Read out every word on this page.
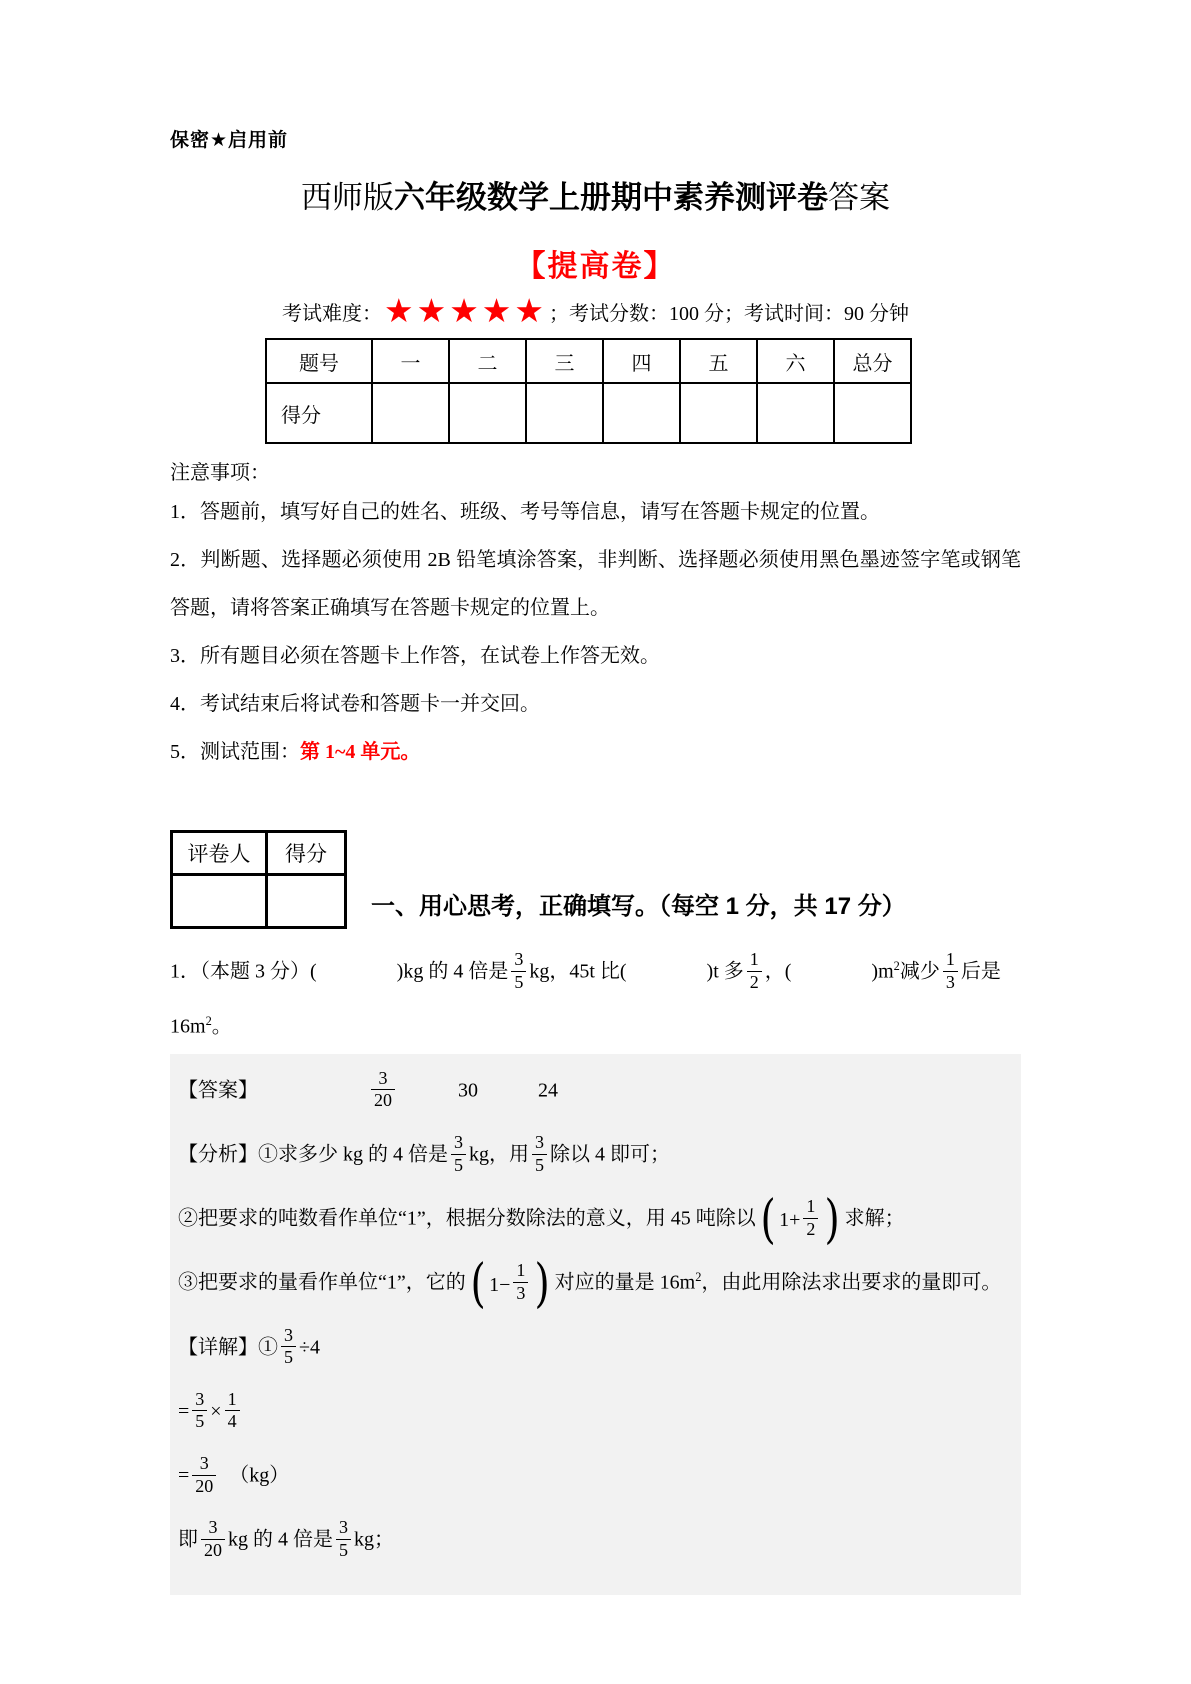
保密★启用前
西师版六年级数学上册期中素养测评卷答案
【提高卷】
考试难度： ★★★★★ ；考试分数：100 分；考试时间：90 分钟
题号	一	二	三	四	五	六	总分
得分							

注意事项：

1．答题前，填写好自己的姓名、班级、考号等信息，请写在答题卡规定的位置。

2．判断题、选择题必须使用 2B 铅笔填涂答案，非判断、选择题必须使用黑色墨迹签字笔或钢笔答题，请将答案正确填写在答题卡规定的位置上。

3．所有题目必须在答题卡上作答，在试卷上作答无效。

4．考试结束后将试卷和答题卡一并交回。

5．测试范围：第 1~4 单元。

评卷人	得分

一、用心思考，正确填写。（每空 1 分，共 17 分）
1．（本题 3 分）(　　　　)kg 的 4 倍是 $\frac{3}{5}$ kg，45t 比(　　　　)t 多 $\frac{1}{2}$ ，(　　　　)$m^2$减少 $\frac{1}{3}$ 后是
$16m^2$。
【答案】　　　　　　 $\frac{3}{20}$ 　　　30　　　24
【分析】①求多少 kg 的 4 倍是 $\frac{3}{5}$ kg，用 $\frac{3}{5}$ 除以 4 即可；
②把要求的吨数看作单位“1”，根据分数除法的意义，用 45 吨除以 ( $1+ \frac{1}{2}$ ) 求解；
③把要求的量看作单位“1”，它的 ( $1- \frac{1}{3}$ ) 对应的量是 $16m^2$，由此用除法求出要求的量即可。
【详解】① $\frac{3}{5} \div 4$
= $\frac{3}{5} \times \frac{1}{4}$
= $\frac{3}{20}$ 　（kg）
即 $\frac{3}{20}$ kg 的 4 倍是 $\frac{3}{5}$ kg；
